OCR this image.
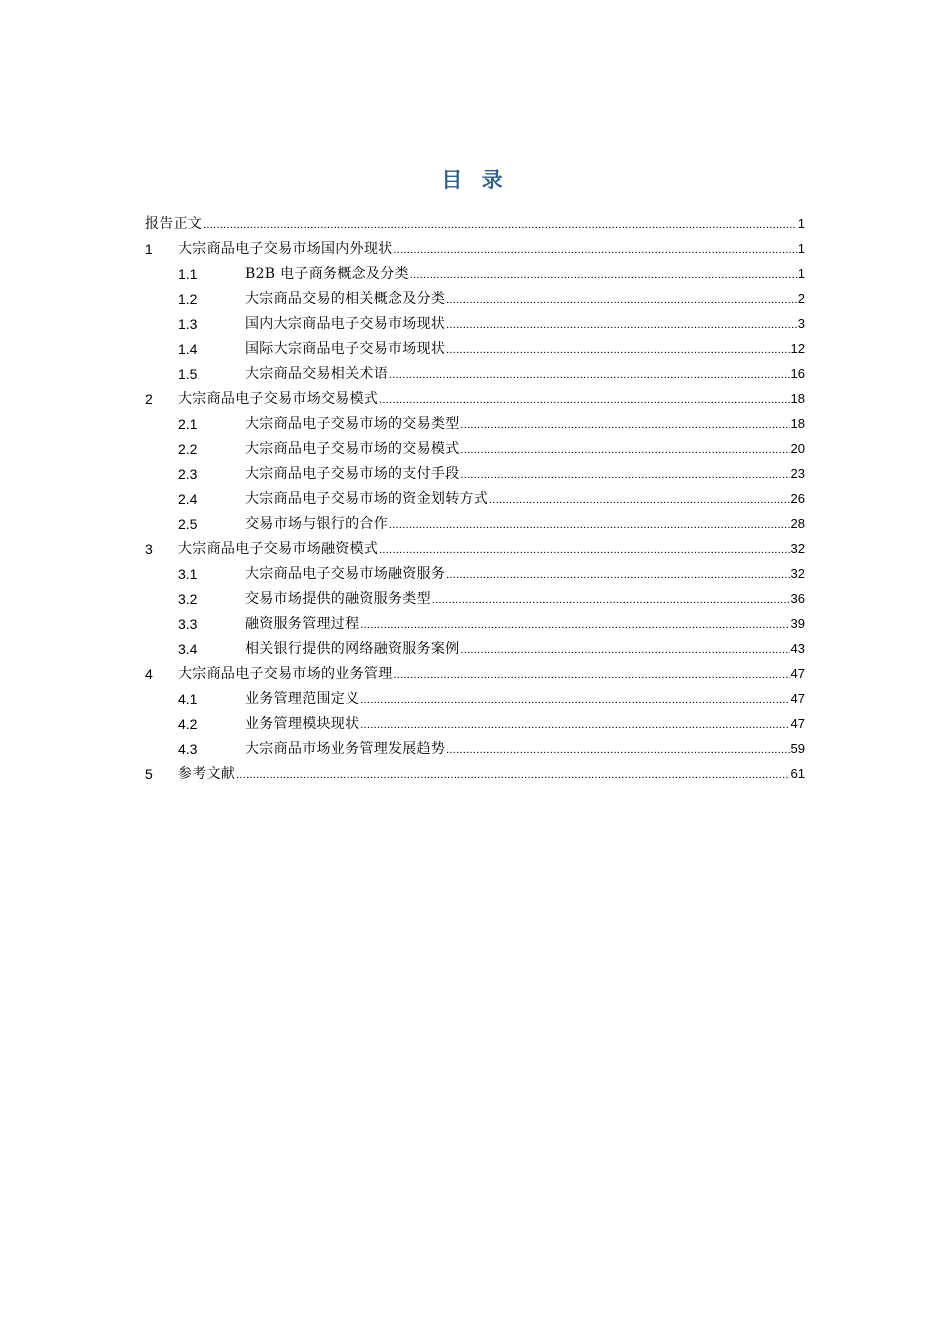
目 录
报告正文 .....	1
1	大宗商品电子交易市场国内外现状 .....	1
1.1	B2B 电子商务概念及分类 .....	1
1.2	大宗商品交易的相关概念及分类 .....	2
1.3	国内大宗商品电子交易市场现状 .....	3
1.4	国际大宗商品电子交易市场现状 .....	12
1.5	大宗商品交易相关术语 .....	16
2	大宗商品电子交易市场交易模式 .....	18
2.1	大宗商品电子交易市场的交易类型 .....	18
2.2	大宗商品电子交易市场的交易模式 .....	20
2.3	大宗商品电子交易市场的支付手段 .....	23
2.4	大宗商品电子交易市场的资金划转方式 .....	26
2.5	交易市场与银行的合作 .....	28
3	大宗商品电子交易市场融资模式 .....	32
3.1	大宗商品电子交易市场融资服务 .....	32
3.2	交易市场提供的融资服务类型 .....	36
3.3	融资服务管理过程 .....	39
3.4	相关银行提供的网络融资服务案例 .....	43
4	大宗商品电子交易市场的业务管理 .....	47
4.1	业务管理范围定义 .....	47
4.2	业务管理模块现状 .....	47
4.3	大宗商品市场业务管理发展趋势 .....	59
5	参考文献 .....	61
